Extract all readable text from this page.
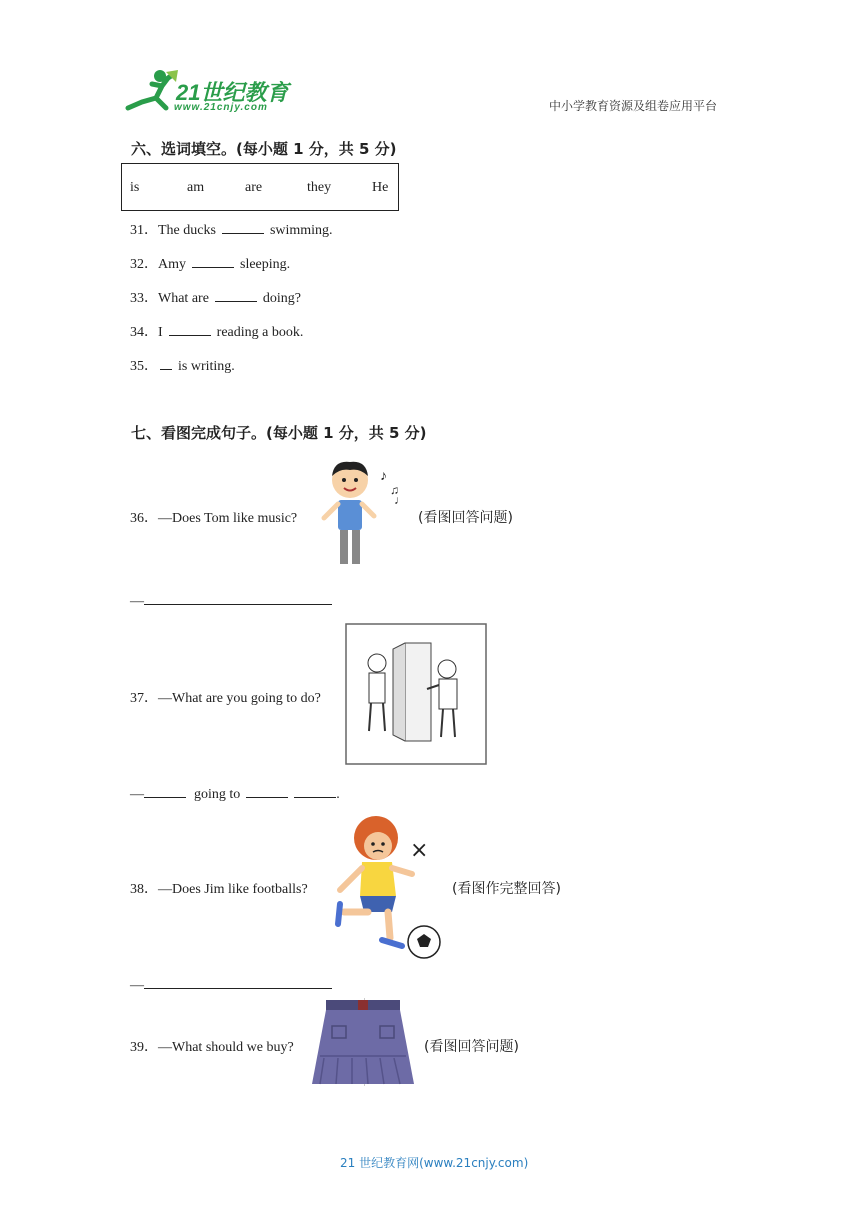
21世纪教育
www.21cnjy.com	中小学教育资源及组卷应用平台
六、选词填空。(每小题 1 分，共 5 分)
is	am	are	they	He
31．The ducks	swimming.
32．Amy	sleeping.
33．What are	doing?
34．I	reading a book.
35． is writing.
七、看图完成句子。(每小题 1 分，共 5 分)
36．—Does Tom like music?
♪
♫
♩
(看图回答问题)
—
37．—What are you going to do?
—	going to	.
38．—Does Jim like footballs?
×
(看图作完整回答)
—
39．—What should we buy?	(看图回答问题)
21 世纪教育网(www.21cnjy.com)
